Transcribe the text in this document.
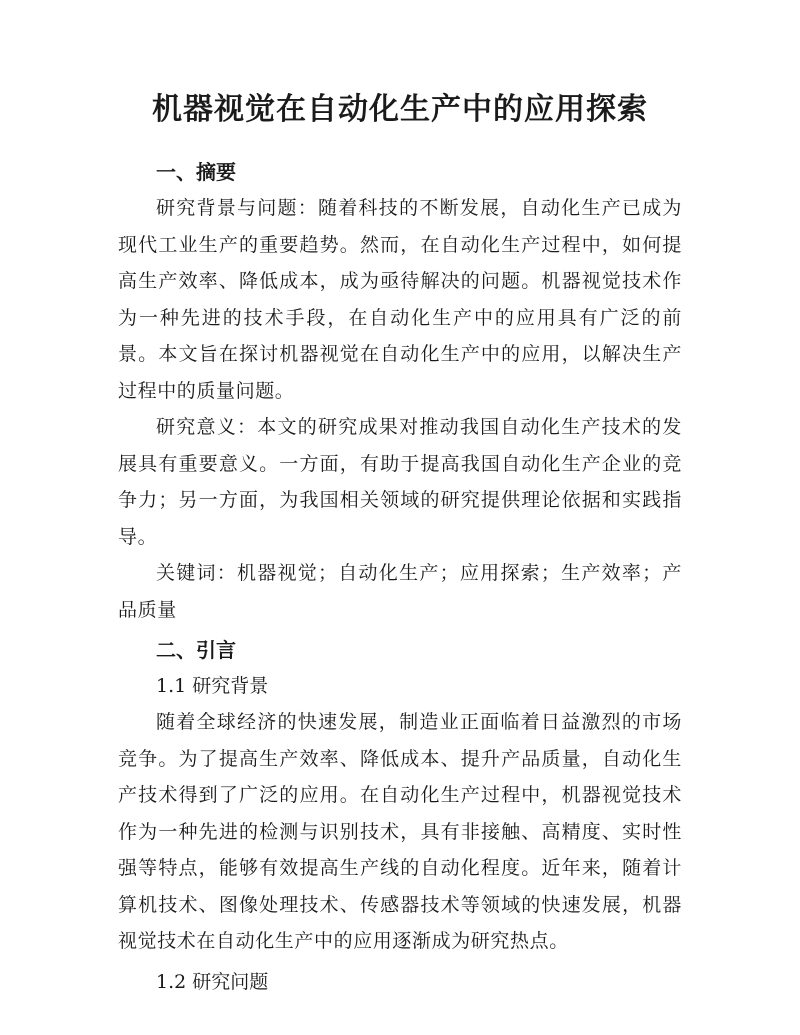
机器视觉在自动化生产中的应用探索

一、摘要

研究背景与问题：随着科技的不断发展，自动化生产已成为现代工业生产的重要趋势。然而，在自动化生产过程中，如何提高生产效率、降低成本，成为亟待解决的问题。机器视觉技术作为一种先进的技术手段，在自动化生产中的应用具有广泛的前景。本文旨在探讨机器视觉在自动化生产中的应用，以解决生产过程中的质量问题。

研究意义：本文的研究成果对推动我国自动化生产技术的发展具有重要意义。一方面，有助于提高我国自动化生产企业的竞争力；另一方面，为我国相关领域的研究提供理论依据和实践指导。

关键词：机器视觉；自动化生产；应用探索；生产效率；产品质量

二、引言

1.1 研究背景

随着全球经济的快速发展，制造业正面临着日益激烈的市场竞争。为了提高生产效率、降低成本、提升产品质量，自动化生产技术得到了广泛的应用。在自动化生产过程中，机器视觉技术作为一种先进的检测与识别技术，具有非接触、高精度、实时性强等特点，能够有效提高生产线的自动化程度。近年来，随着计算机技术、图像处理技术、传感器技术等领域的快速发展，机器视觉技术在自动化生产中的应用逐渐成为研究热点。

1.2 研究问题
